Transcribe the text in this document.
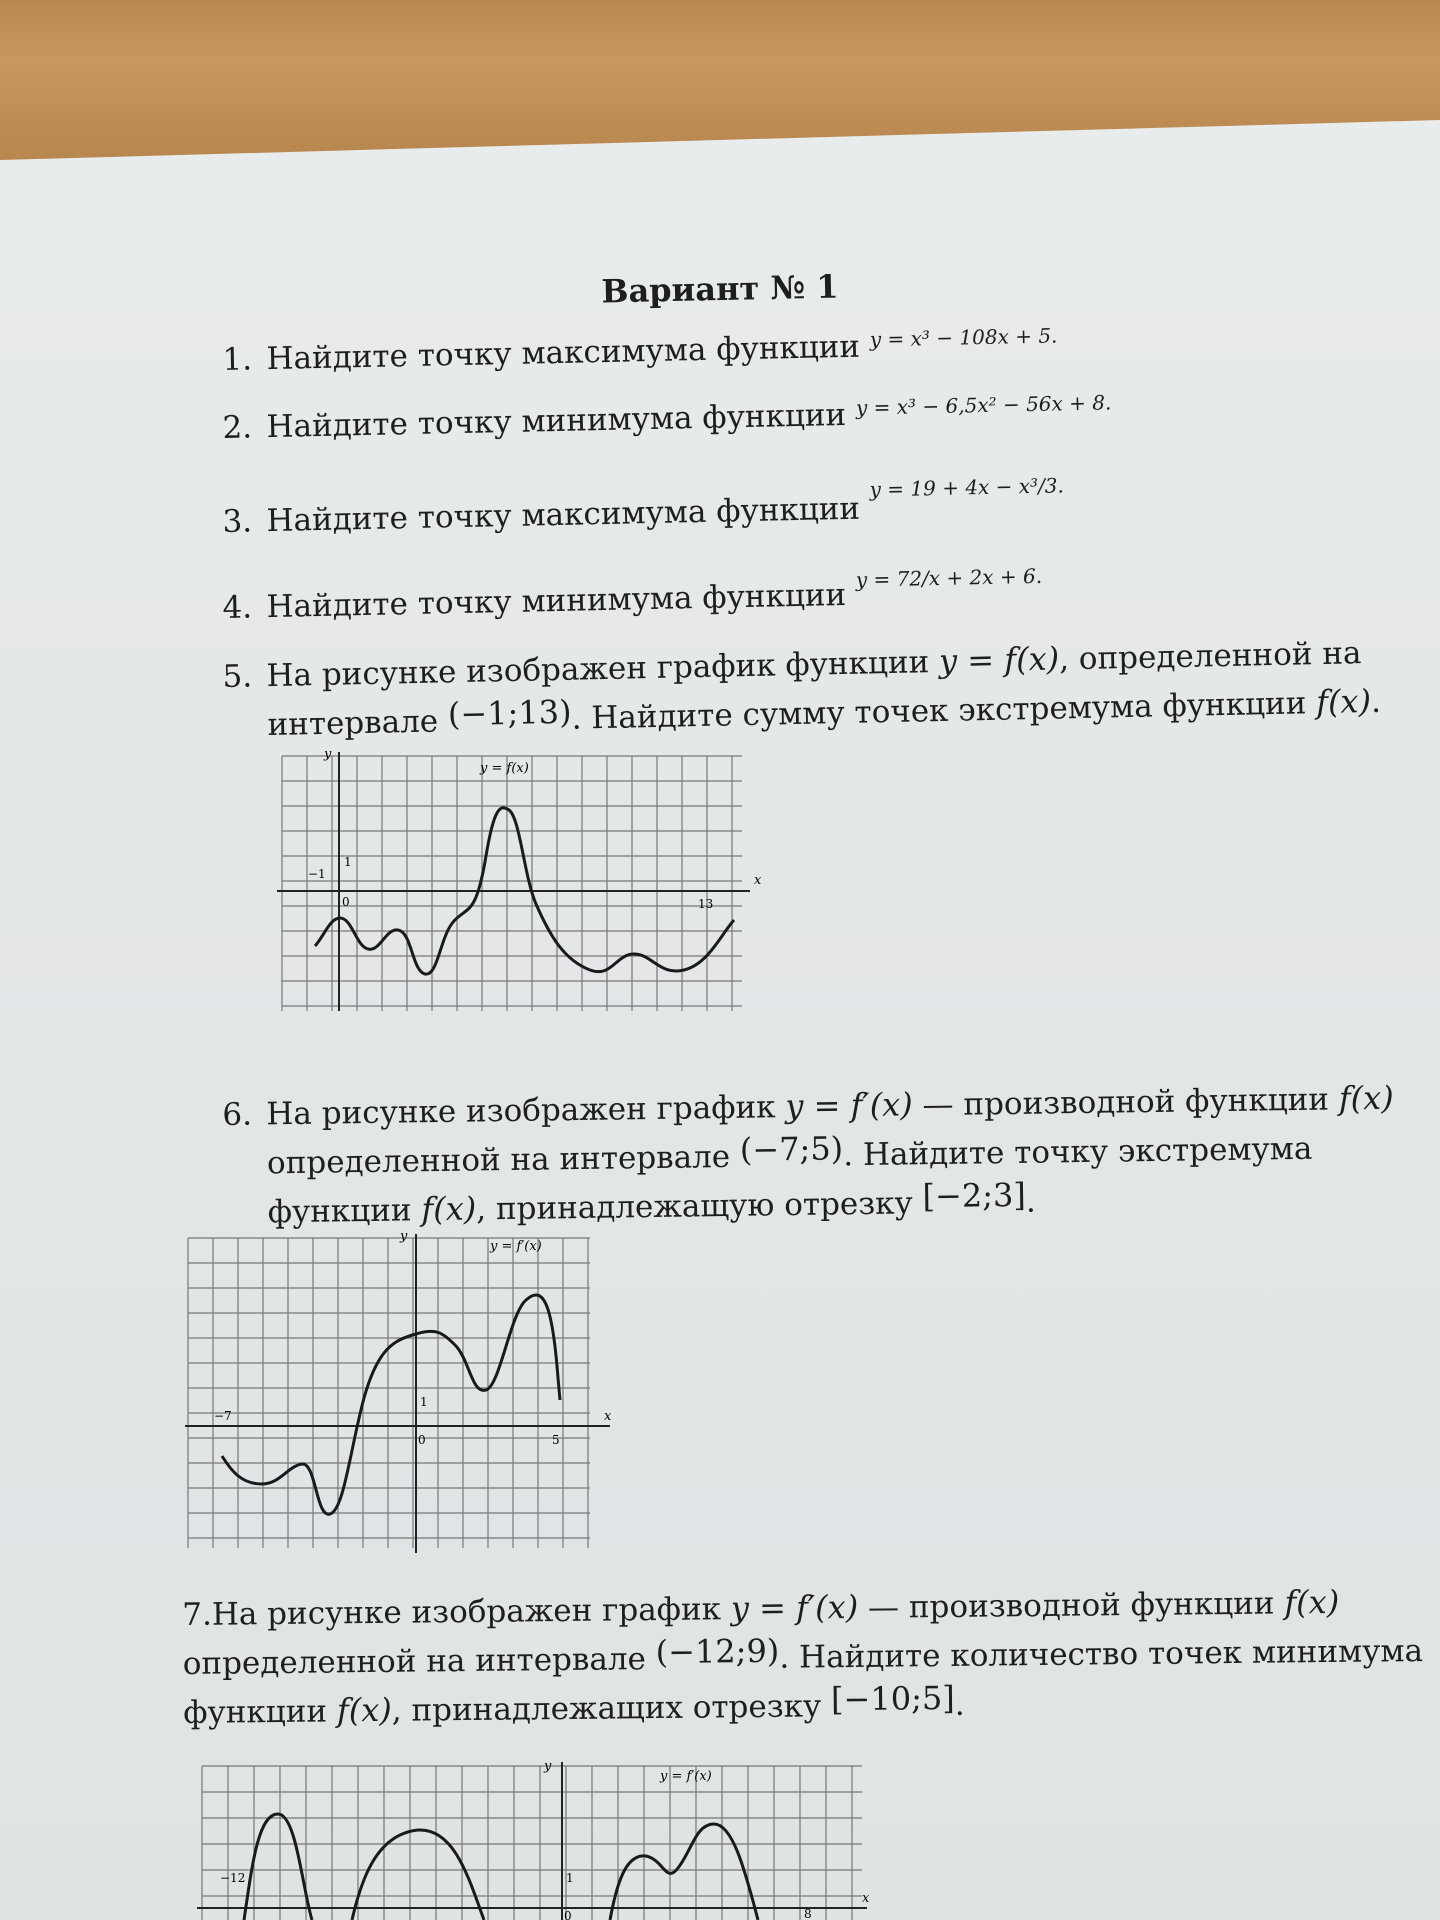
Вариант № 1
1. Найдите точку максимума функции $^{y = x^3 - 108x + 5.}$
2. Найдите точку минимума функции $^{y = x^3 - 6,5x^2 - 56x + 8.}$
3. Найдите точку максимума функции$^{y = 19 + 4x - x^3/3.}$
4. Найдите точку минимума функции $^{y = 72/x + 2x + 6.}$
5. На рисунке изображен график функции y = f(x), определенной на
интервале (−1;13). Найдите сумму точек экстремума функции f(x).
y
x
y = f(x)
1
−1
0	13
6. На рисунке изображен график y = f′(x) — производной функции f(x)
определенной на интервале (−7;5). Найдите точку экстремума
функции f(x), принадлежащую отрезку [−2;3].
y
x
y = f′(x)
1
−7
0	5
7.На рисунке изображен график y = f′(x) — производной функции f(x)
определенной на интервале (−12;9). Найдите количество точек минимума
функции f(x), принадлежащих отрезку [−10;5].
y
x
y = f′(x)
1
−12
0	8
